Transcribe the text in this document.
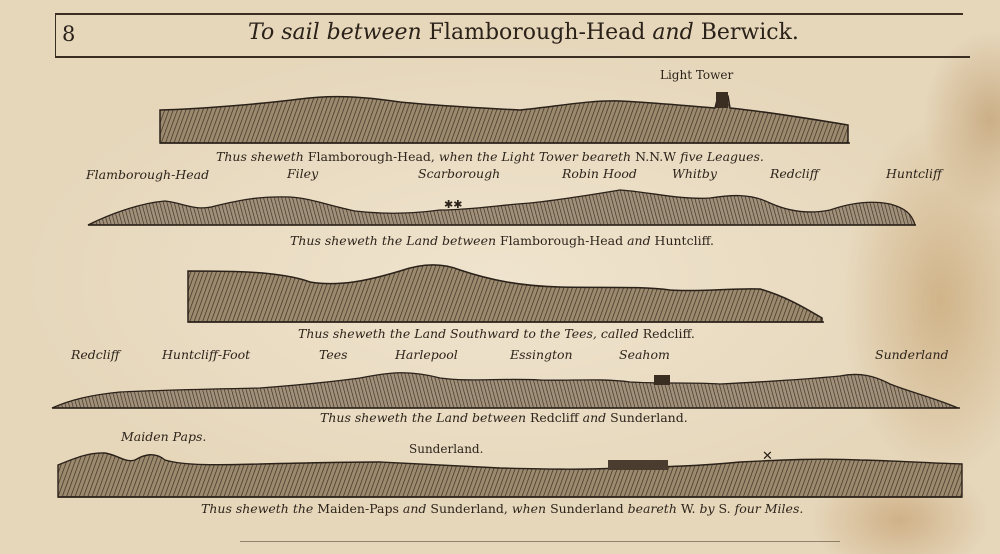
8	To sail between Flamborough-Head and Berwick.
✱✱
✕
Light Tower
Thus sheweth Flamborough-Head, when the Light Tower beareth N.N.W five Leagues.
Flamborough-Head	Filey	Scarborough	Robin Hood	Whitby	Redcliff	Huntcliff
Thus sheweth the Land between Flamborough-Head and Huntcliff.
Thus sheweth the Land Southward to the Tees, called Redcliff.
Redcliff	Huntcliff-Foot	Tees	Harlepool	Essington	Seahom	Sunderland
Thus sheweth the Land between Redcliff and Sunderland.
Maiden Paps.
Sunderland.
Thus sheweth the Maiden-Paps and Sunderland, when Sunderland beareth W. by S. four Miles.
